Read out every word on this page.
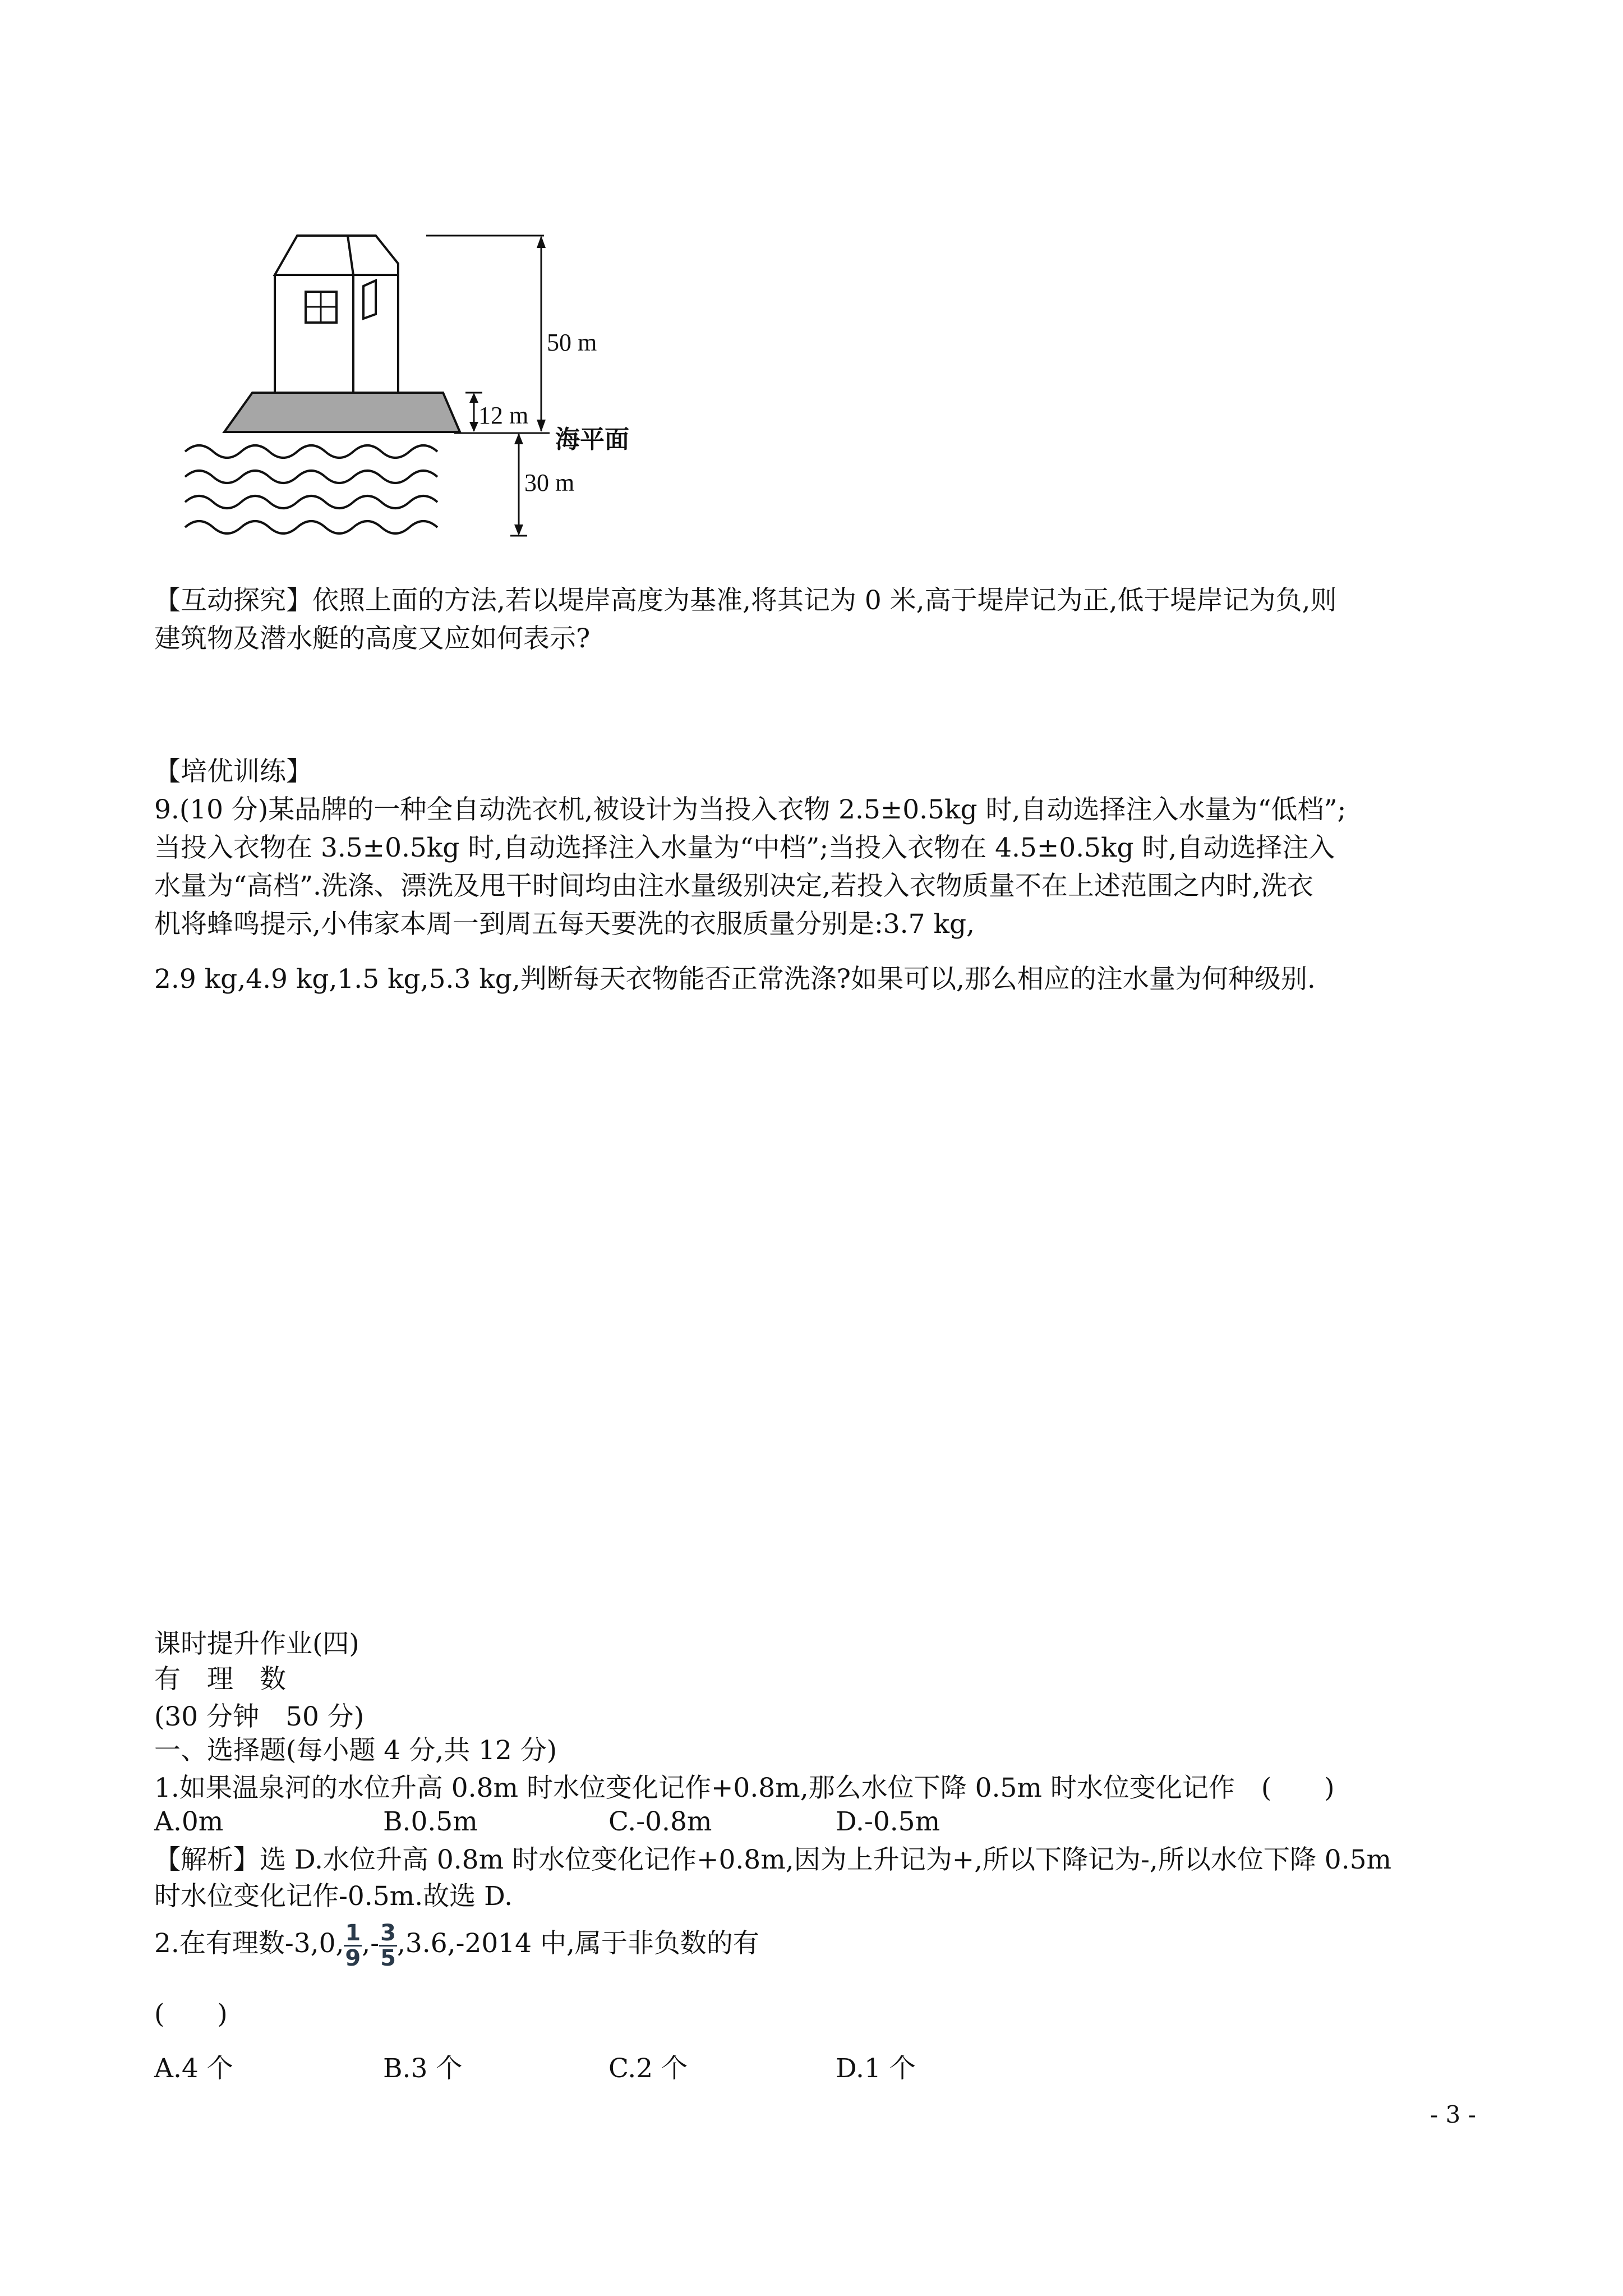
50 m
12 m
海平面
30 m
【互动探究】依照上面的方法,若以堤岸高度为基准,将其记为 0 米,高于堤岸记为正,低于堤岸记为负,则
建筑物及潜水艇的高度又应如何表示?
【培优训练】
9.(10 分)某品牌的一种全自动洗衣机,被设计为当投入衣物 2.5±0.5kg 时,自动选择注入水量为“低档”;
当投入衣物在 3.5±0.5kg 时,自动选择注入水量为“中档”;当投入衣物在 4.5±0.5kg 时,自动选择注入
水量为“高档”.洗涤、漂洗及甩干时间均由注水量级别决定,若投入衣物质量不在上述范围之内时,洗衣
机将蜂鸣提示,小伟家本周一到周五每天要洗的衣服质量分别是:3.7 kg,
2.9 kg,4.9 kg,1.5 kg,5.3 kg,判断每天衣物能否正常洗涤?如果可以,那么相应的注水量为何种级别.
课时提升作业(四)
有　理　数
(30 分钟　50 分)
一、选择题(每小题 4 分,共 12 分)
1.如果温泉河的水位升高 0.8m 时水位变化记作+0.8m,那么水位下降 0.5m 时水位变化记作　(　　)
A.0m	B.0.5m	C.-0.8m	D.-0.5m
【解析】选 D.水位升高 0.8m 时水位变化记作+0.8m,因为上升记为+,所以下降记为-,所以水位下降 0.5m
时水位变化记作-0.5m.故选 D.
2.在有理数-3,0, $\frac{1}{9}$ ,- $\frac{3}{5} ,3.6,-2014$ 中,属于非负数的有
(　　)
A.4 个	B.3 个	C.2 个	D.1 个
- 3 -
